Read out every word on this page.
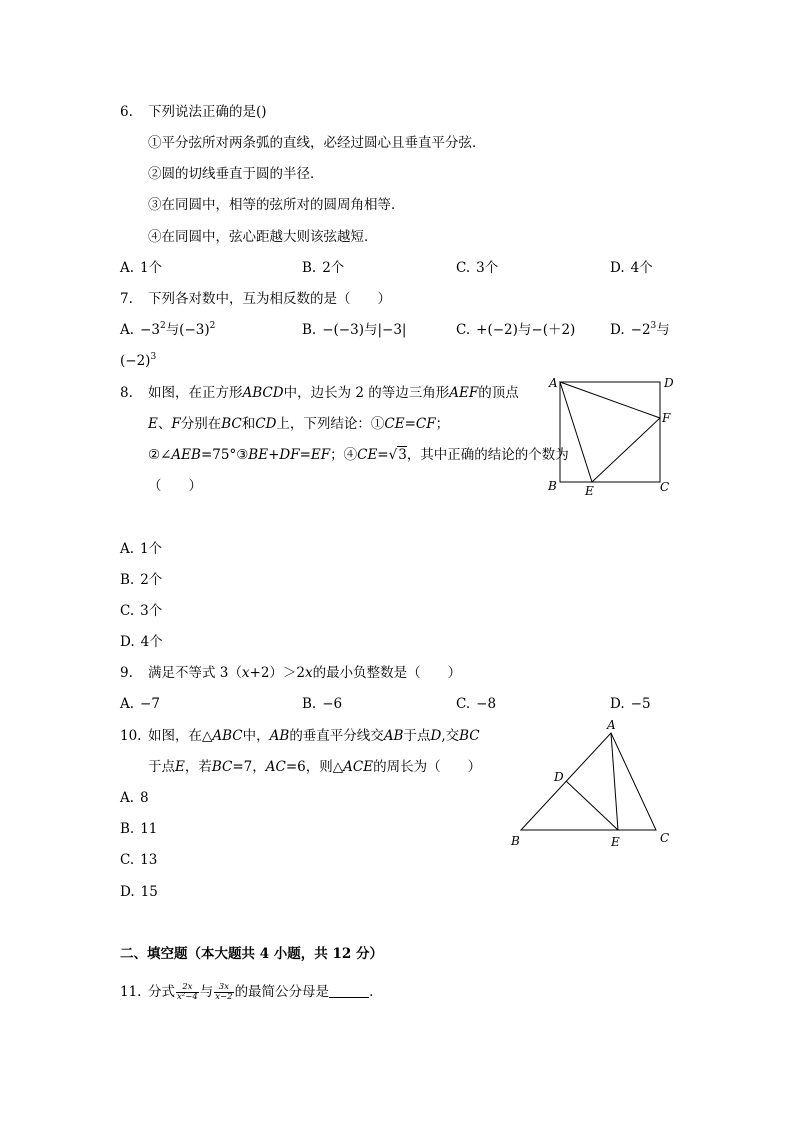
6. 下列说法正确的是()
①平分弦所对两条弧的直线，必经过圆心且垂直平分弦．
②圆的切线垂直于圆的半径．
③在同圆中，相等的弦所对的圆周角相等．
④在同圆中，弦心距越大则该弦越短．
A. 1个	B. 2个	C. 3个	D. 4个
7. 下列各对数中，互为相反数的是（　　）
A. $-3^2$与$(-3)^2$	B. −(−3)与|−3|	C. +(−2)与−(＋2)	D. $-2^3$与
$(-2)^3$
8. 如图，在正方形ABCD中，边长为 2 的等边三角形AEF的顶点
E、F分别在BC和CD上，下列结论：①CE=CF；
②∠AEB=75°③BE+DF=EF；④CE=√3，其中正确的结论的个数为
（　　）
A	D
F
B E	C
A. 1个
B. 2个
C. 3个
D. 4个
9. 满足不等式 3（x+2）＞2x的最小负整数是（　　）
A. −7	B. −6	C. −8	D. −5
10. 如图，在△ABC中，AB的垂直平分线交AB于点D,交BC
于点E，若BC=7，AC=6，则△ACE的周长为（　　）
A. 8
B. 11
C. 13
D. 15
A
D
B	E	C
二、填空题（本大题共 4 小题，共 12 分）
11. 分式 $\frac{2x}{\text{x²−4}}$ 与 $\frac{3x}{x-2}$ 的最简公分母是	.
